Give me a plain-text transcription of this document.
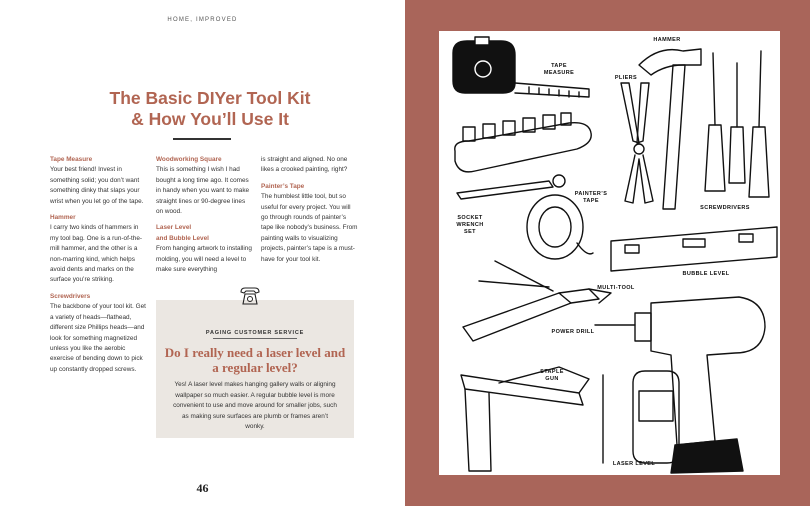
HOME, IMPROVED
The Basic DIYer Tool Kit
& How You’ll Use It
Tape Measure
Your best friend! Invest in something solid; you don’t want something dinky that slaps your wrist when you let go of the tape.
Hammer
I carry two kinds of hammers in my tool bag. One is a run-of-the-mill hammer, and the other is a non-marring kind, which helps avoid dents and marks on the surface you’re striking.
Screwdrivers
The backbone of your tool kit. Get a variety of heads—flathead, different size Phillips heads—and look for something magnetized unless you like the aerobic exercise of bending down to pick up constantly dropped screws.
Woodworking Square
This is something I wish I had bought a long time ago. It comes in handy when you want to make straight lines or 90-degree lines on wood.
Laser Level
and Bubble Level
From hanging artwork to installing molding, you will need a level to make sure everything
is straight and aligned. No one likes a crooked painting, right?
Painter’s Tape
The humblest little tool, but so useful for every project. You will go through rounds of painter’s tape like nobody’s business. From painting walls to visualizing projects, painter’s tape is a must-have for your tool kit.
PAGING CUSTOMER SERVICE
Do I really need a laser level and a regular level?
Yes! A laser level makes hanging gallery walls or aligning wallpaper so much easier. A regular bubble level is more convenient to use and move around for smaller jobs, such as making sure surfaces are plumb or frames aren’t wonky.
46
TAPE MEASURE
HAMMER
PLIERS
SCREWDRIVERS
PAINTER’S
TAPE
SOCKET
WRENCH
SET
BUBBLE LEVEL
MULTI-TOOL
POWER DRILL
STAPLE
GUN
LASER LEVEL
